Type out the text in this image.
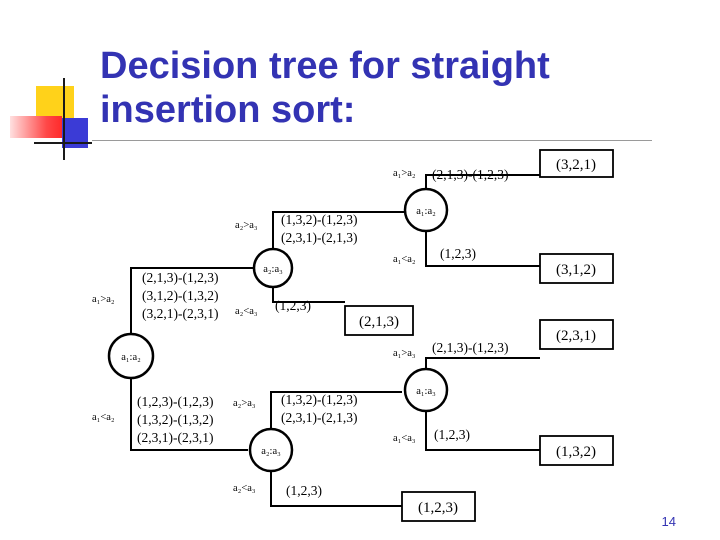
Decision tree for straight
insertion sort:
a₁:a₂
a₂:a₃
a₁:a₂
a₁:a₃
a₂:a₃
a₁>a₂
a₁<a₂
a₂>a₃
a₂<a₃
a₁>a₂
a₁<a₂
a₁>a₃
a₁<a₃
a₂>a₃
a₂<a₃
(2,1,3)-(1,2,3)
(3,1,2)-(1,3,2)
(3,2,1)-(2,3,1)
(1,2,3)-(1,2,3)
(1,3,2)-(1,3,2)
(2,3,1)-(2,3,1)
(1,3,2)-(1,2,3)
(2,3,1)-(2,1,3)
(1,2,3)
(2,1,3)-(1,2,3)
(1,2,3)
(1,3,2)-(1,2,3)
(2,3,1)-(2,1,3)
(1,2,3)
(2,1,3)-(1,2,3)
(1,2,3)
(3,2,1)
(3,1,2)
(2,1,3)
(2,3,1)
(1,3,2)
(1,2,3)
14
